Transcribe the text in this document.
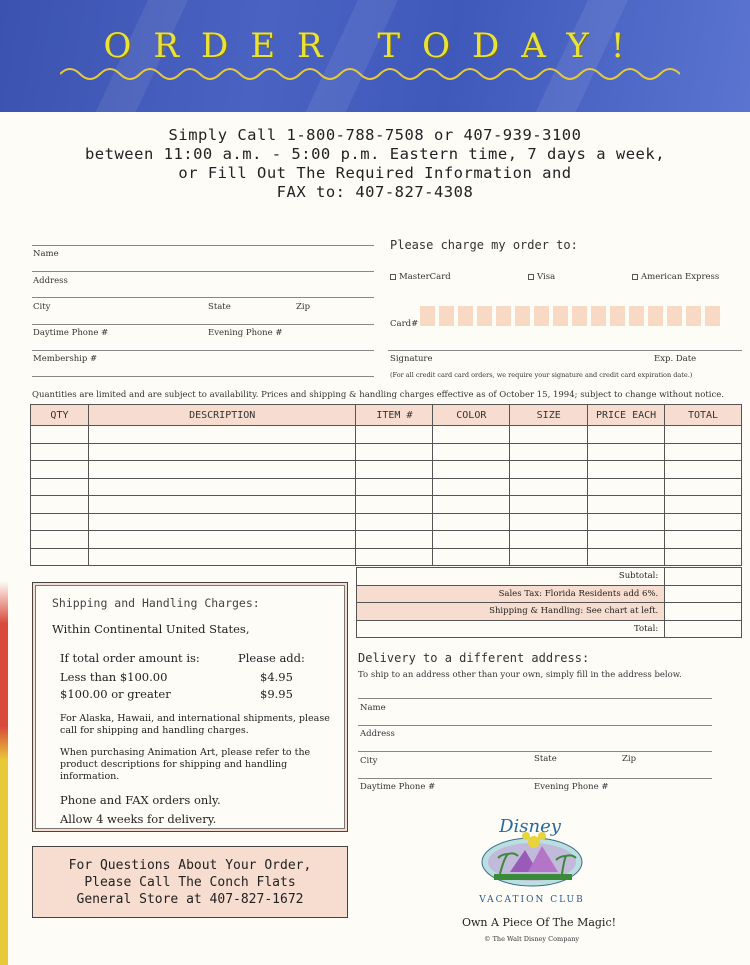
ORDER TODAY!
Simply Call 1-800-788-7508 or 407-939-3100
between 11:00 a.m. - 5:00 p.m. Eastern time, 7 days a week,
or Fill Out The Required Information and
FAX to: 407-827-4308
Name
Address
City	State	Zip
Daytime Phone #	Evening Phone #
Membership #
Please charge my order to:
MasterCard	Visa	American Express
Card#
Signature	Exp. Date
(For all credit card card orders, we require your signature and credit card expiration date.)
Quantities are limited and are subject to availability. Prices and shipping & handling charges effective as of October 15, 1994; subject to change without notice.
QTY	DESCRIPTION	ITEM #	COLOR	SIZE	PRICE EACH	TOTAL

Subtotal:	
Sales Tax: Florida Residents add 6%.	
Shipping & Handling: See chart at left.	
Total:	
Shipping and Handling Charges:
Within Continental United States,
If total order amount is:	Please add:
Less than $100.00	$4.95
$100.00 or greater	$9.95
For Alaska, Hawaii, and international shipments, please call for shipping and handling charges.
When purchasing Animation Art, please refer to the product descriptions for shipping and handling information.
Phone and FAX orders only.
Allow 4 weeks for delivery.
For Questions About Your Order,
Please Call The Conch Flats
General Store at 407-827-1672
Delivery to a different address:
To ship to an address other than your own, simply fill in the address below.
Name
Address
City	State	Zip
Daytime Phone #	Evening Phone #
Disney
VACATION CLUB
Own A Piece Of The Magic!
© The Walt Disney Company
